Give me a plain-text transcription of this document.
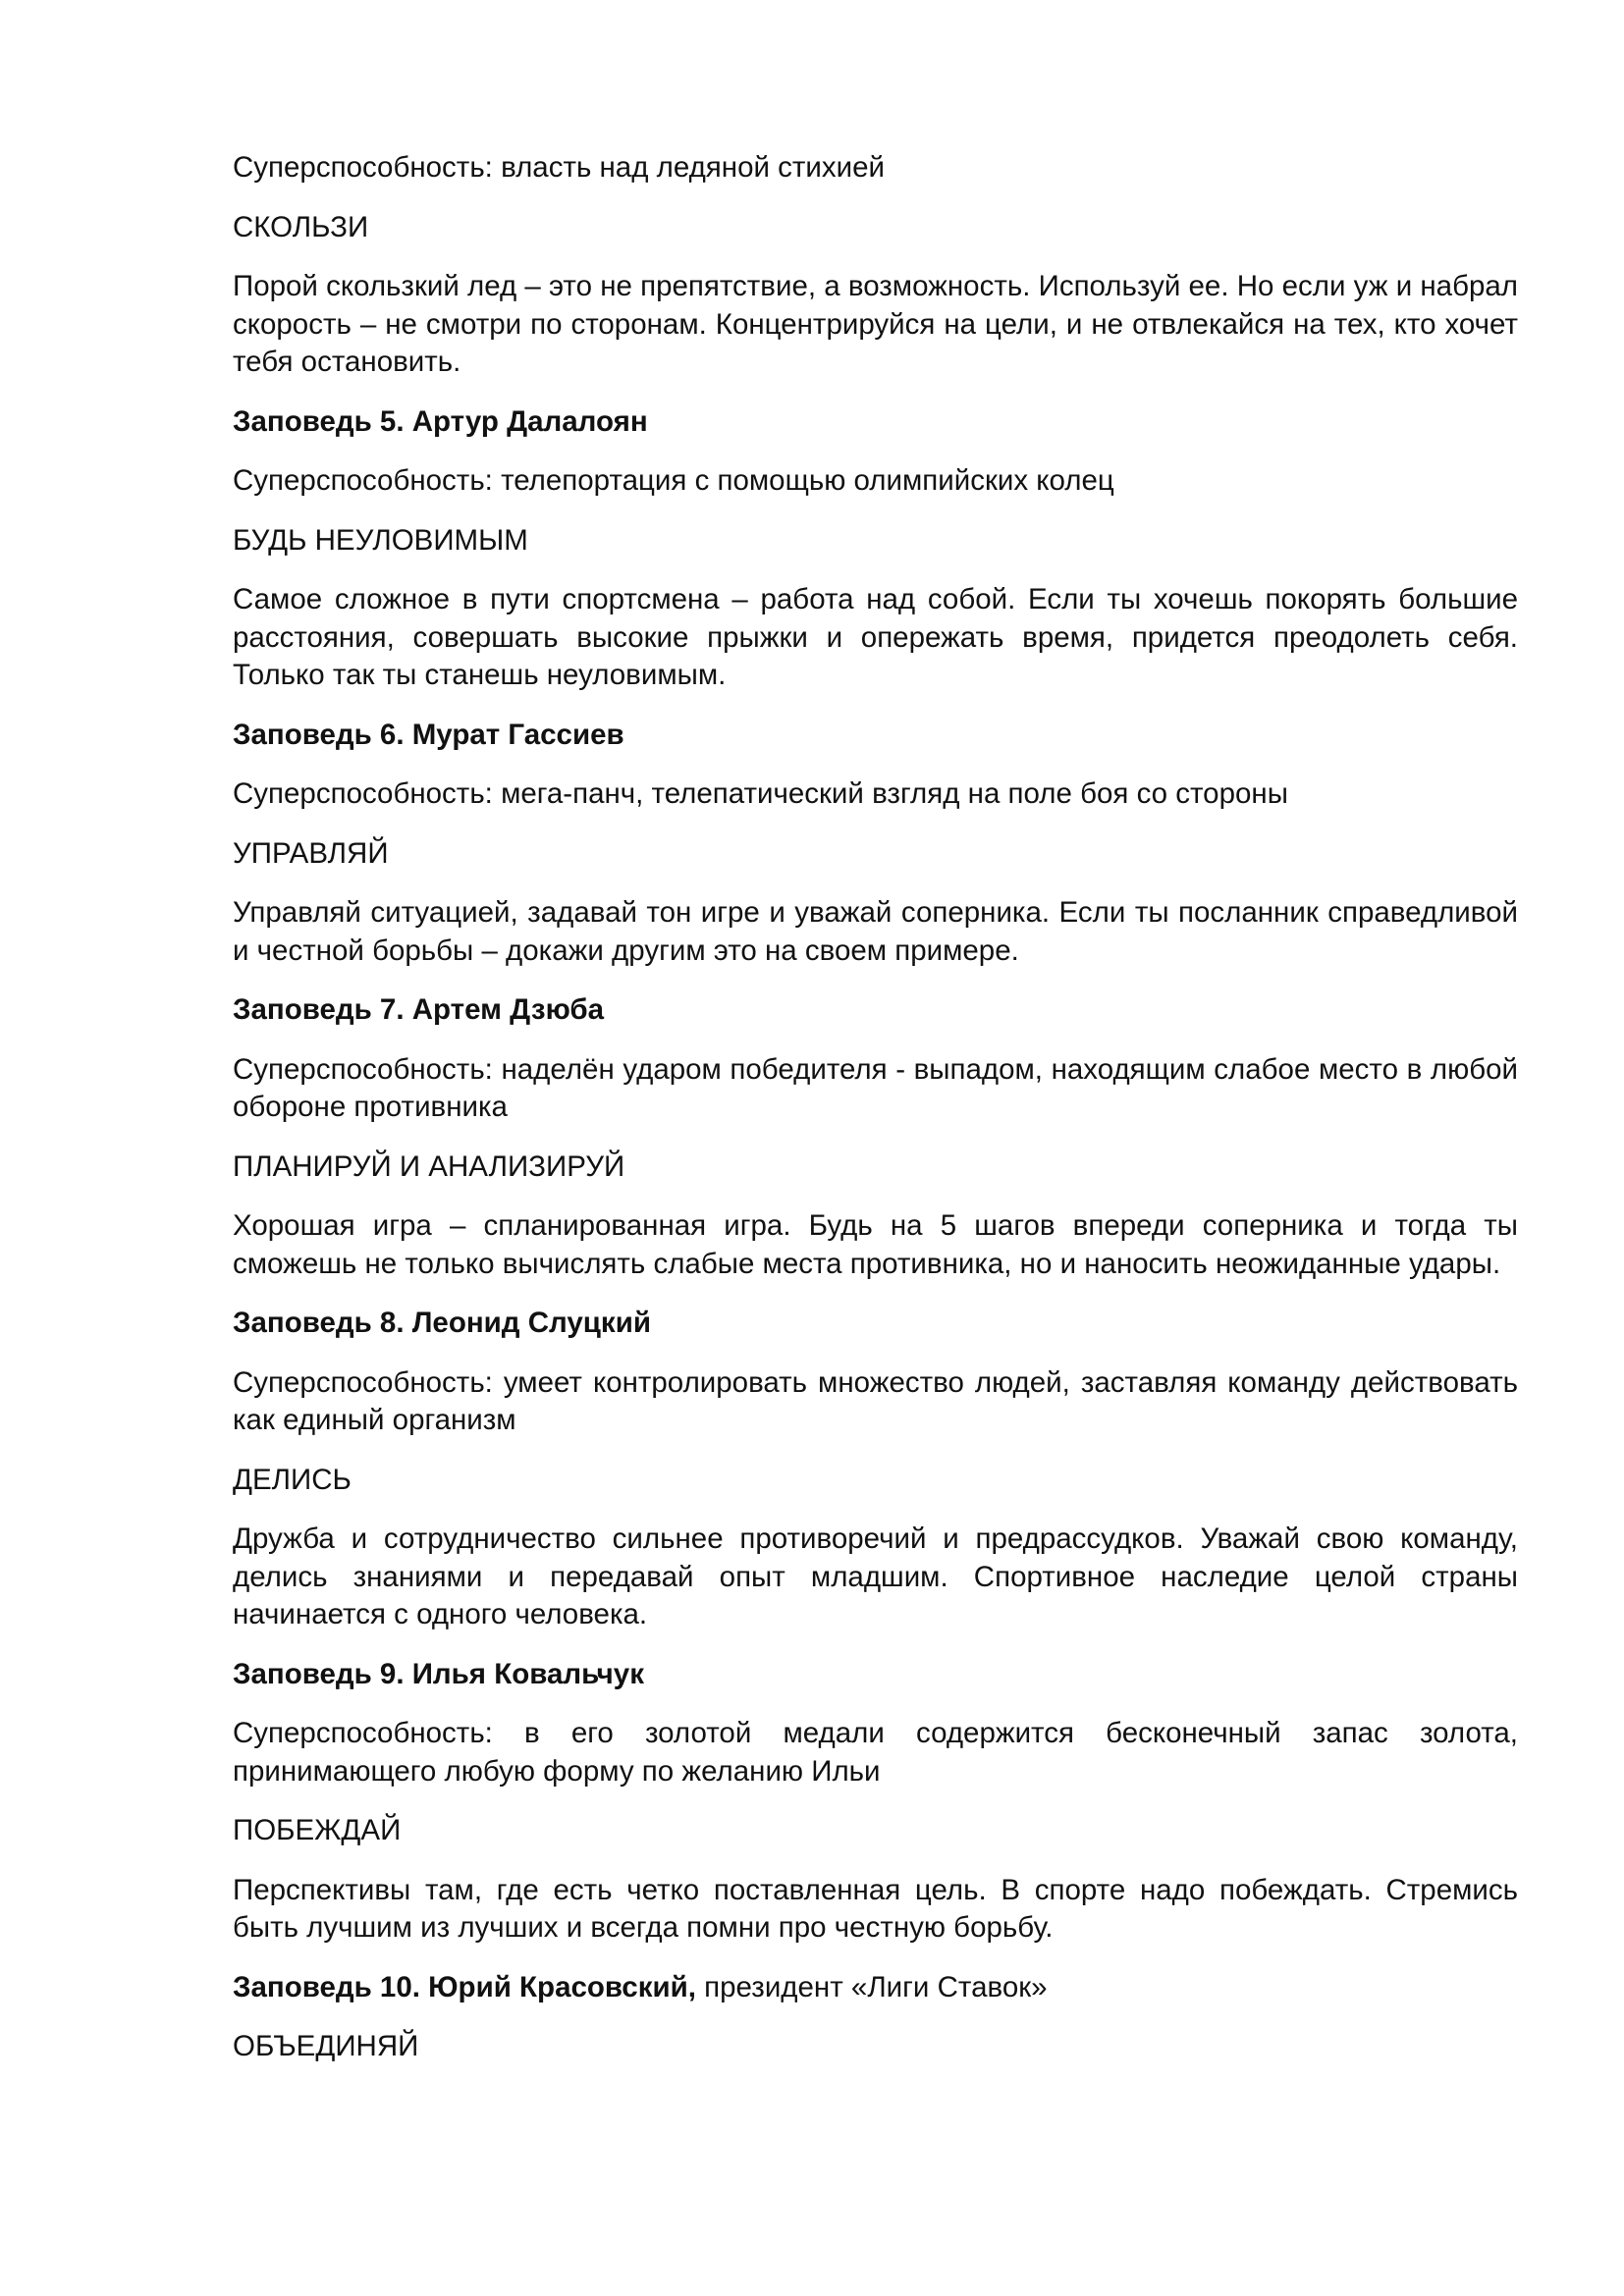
Суперспособность: власть над ледяной стихией

СКОЛЬЗИ

Порой скользкий лед – это не препятствие, а возможность. Используй ее. Но если уж и набрал скорость – не смотри по сторонам. Концентрируйся на цели, и не отвлекайся на тех, кто хочет тебя остановить.

Заповедь 5. Артур Далалоян

Суперспособность: телепортация с помощью олимпийских колец

БУДЬ НЕУЛОВИМЫМ

Самое сложное в пути спортсмена – работа над собой. Если ты хочешь покорять большие расстояния, совершать высокие прыжки и опережать время, придется преодолеть себя. Только так ты станешь неуловимым.

Заповедь 6. Мурат Гассиев

Суперспособность: мега-панч, телепатический взгляд на поле боя со стороны

УПРАВЛЯЙ

Управляй ситуацией, задавай тон игре и уважай соперника. Если ты посланник справедливой и честной борьбы – докажи другим это на своем примере.

Заповедь 7. Артем Дзюба

Суперспособность: наделён ударом победителя - выпадом, находящим слабое место в любой обороне противника

ПЛАНИРУЙ И АНАЛИЗИРУЙ

Хорошая игра – спланированная игра. Будь на 5 шагов впереди соперника и тогда ты сможешь не только вычислять слабые места противника, но и наносить неожиданные удары.

Заповедь 8. Леонид Слуцкий

Суперспособность: умеет контролировать множество людей, заставляя команду действовать как единый организм

ДЕЛИСЬ

Дружба и сотрудничество сильнее противоречий и предрассудков. Уважай свою команду, делись знаниями и передавай опыт младшим. Спортивное наследие целой страны начинается с одного человека.

Заповедь 9. Илья Ковальчук

Суперспособность: в его золотой медали содержится бесконечный запас золота, принимающего любую форму по желанию Ильи

ПОБЕЖДАЙ

Перспективы там, где есть четко поставленная цель. В спорте надо побеждать. Стремись быть лучшим из лучших и всегда помни про честную борьбу.

Заповедь 10. Юрий Красовский, президент «Лиги Ставок»

ОБЪЕДИНЯЙ
